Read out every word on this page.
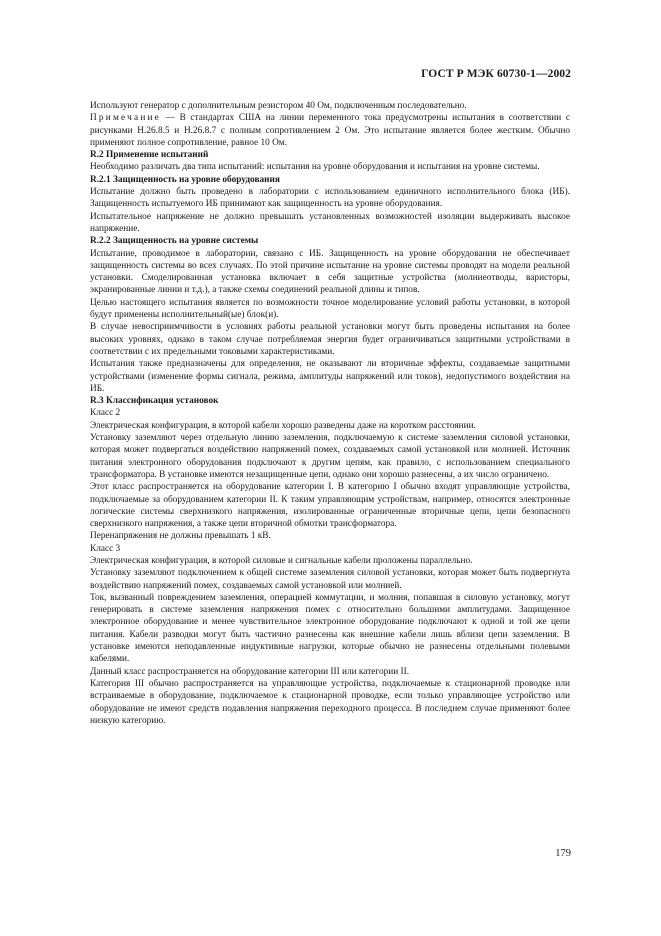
ГОСТ Р МЭК 60730-1—2002

Используют генератор с дополнительным резистором 40 Ом, подключенным последовательно.

Примечание — В стандартах США на линии переменного тока предусмотрены испытания в соответствии с рисунками Н.26.8.5 и Н.26.8.7 с полным сопротивлением 2 Ом. Это испытание является более жестким. Обычно применяют полное сопротивление, равное 10 Ом.

R.2 Применение испытаний

Необходимо различать два типа испытаний: испытания на уровне оборудования и испытания на уровне системы.

R.2.1 Защищенность на уровне оборудования

Испытание должно быть проведено в лаборатории с использованием единичного исполнительного блока (ИБ). Защищенность испытуемого ИБ принимают как защищенность на уровне оборудования.

Испытательное напряжение не должно превышать установленных возможностей изоляции выдерживать высокое напряжение.

R.2.2 Защищенность на уровне системы

Испытание, проводимое в лаборатории, связано с ИБ. Защищенность на уровне оборудования не обеспечивает защищенность системы во всех случаях. По этой причине испытание на уровне системы проводят на модели реальной установки. Смоделированная установка включает в себя защитные устройства (молниеотводы, варисторы, экранированные линии и т.д.), а также схемы соединений реальной длины и типов.

Целью настоящего испытания является по возможности точное моделирование условий работы установки, в которой будут применены исполнительный(ые) блок(и).

В случае невосприимчивости в условиях работы реальной установки могут быть проведены испытания на более высоких уровнях, однако в таком случае потребляемая энергия будет ограничиваться защитными устройствами в соответствии с их предельными токовыми характеристиками.

Испытания также предназначены для определения, не оказывают ли вторичные эффекты, создаваемые защитными устройствами (изменение формы сигнала, режима, амплитуды напряжений или токов), недопустимого воздействия на ИБ.

R.3 Классификация установок

Класс 2

Электрическая конфигурация, в которой кабели хорошо разведены даже на коротком расстоянии.

Установку заземляют через отдельную линию заземления, подключаемую к системе заземления силовой установки, которая может подвергаться воздействию напряжений помех, создаваемых самой установкой или молнией. Источник питания электронного оборудования подключают к другим цепям, как правило, с использованием специального трансформатора. В установке имеются незащищенные цепи, однако они хорошо разнесены, а их число ограничено.

Этот класс распространяется на оборудование категории I. В категорию I обычно входят управляющие устройства, подключаемые за оборудованием категории II. К таким управляющим устройствам, например, относятся электронные логические системы сверхнизкого напряжения, изолированные ограниченные вторичные цепи, цепи безопасного сверхнизкого напряжения, а также цепи вторичной обмотки трансформатора.

Перенапряжения не должны превышать 1 кВ.

Класс 3

Электрическая конфигурация, в которой силовые и сигнальные кабели проложены параллельно.

Установку заземляют подключением к общей системе заземления силовой установки, которая может быть подвергнута воздействию напряжений помех, создаваемых самой установкой или молнией.

Ток, вызванный повреждением заземления, операцией коммутации, и молния, попавшая в силовую установку, могут генерировать в системе заземления напряжения помех с относительно большими амплитудами. Защищенное электронное оборудование и менее чувствительное электронное оборудование подключают к одной и той же цепи питания. Кабели разводки могут быть частично разнесены как внешние кабели лишь вблизи цепи заземления. В установке имеются неподавленные индуктивные нагрузки, которые обычно не разнесены отдельными полевыми кабелями.

Данный класс распространяется на оборудование категории III или категории II.

Категория III обычно распространяется на управляющие устройства, подключаемые к стационарной проводке или встраиваемые в оборудование, подключаемое к стационарной проводке, если только управляющее устройство или оборудование не имеют средств подавления напряжения переходного процесса. В последнем случае применяют более низкую категорию.

179
